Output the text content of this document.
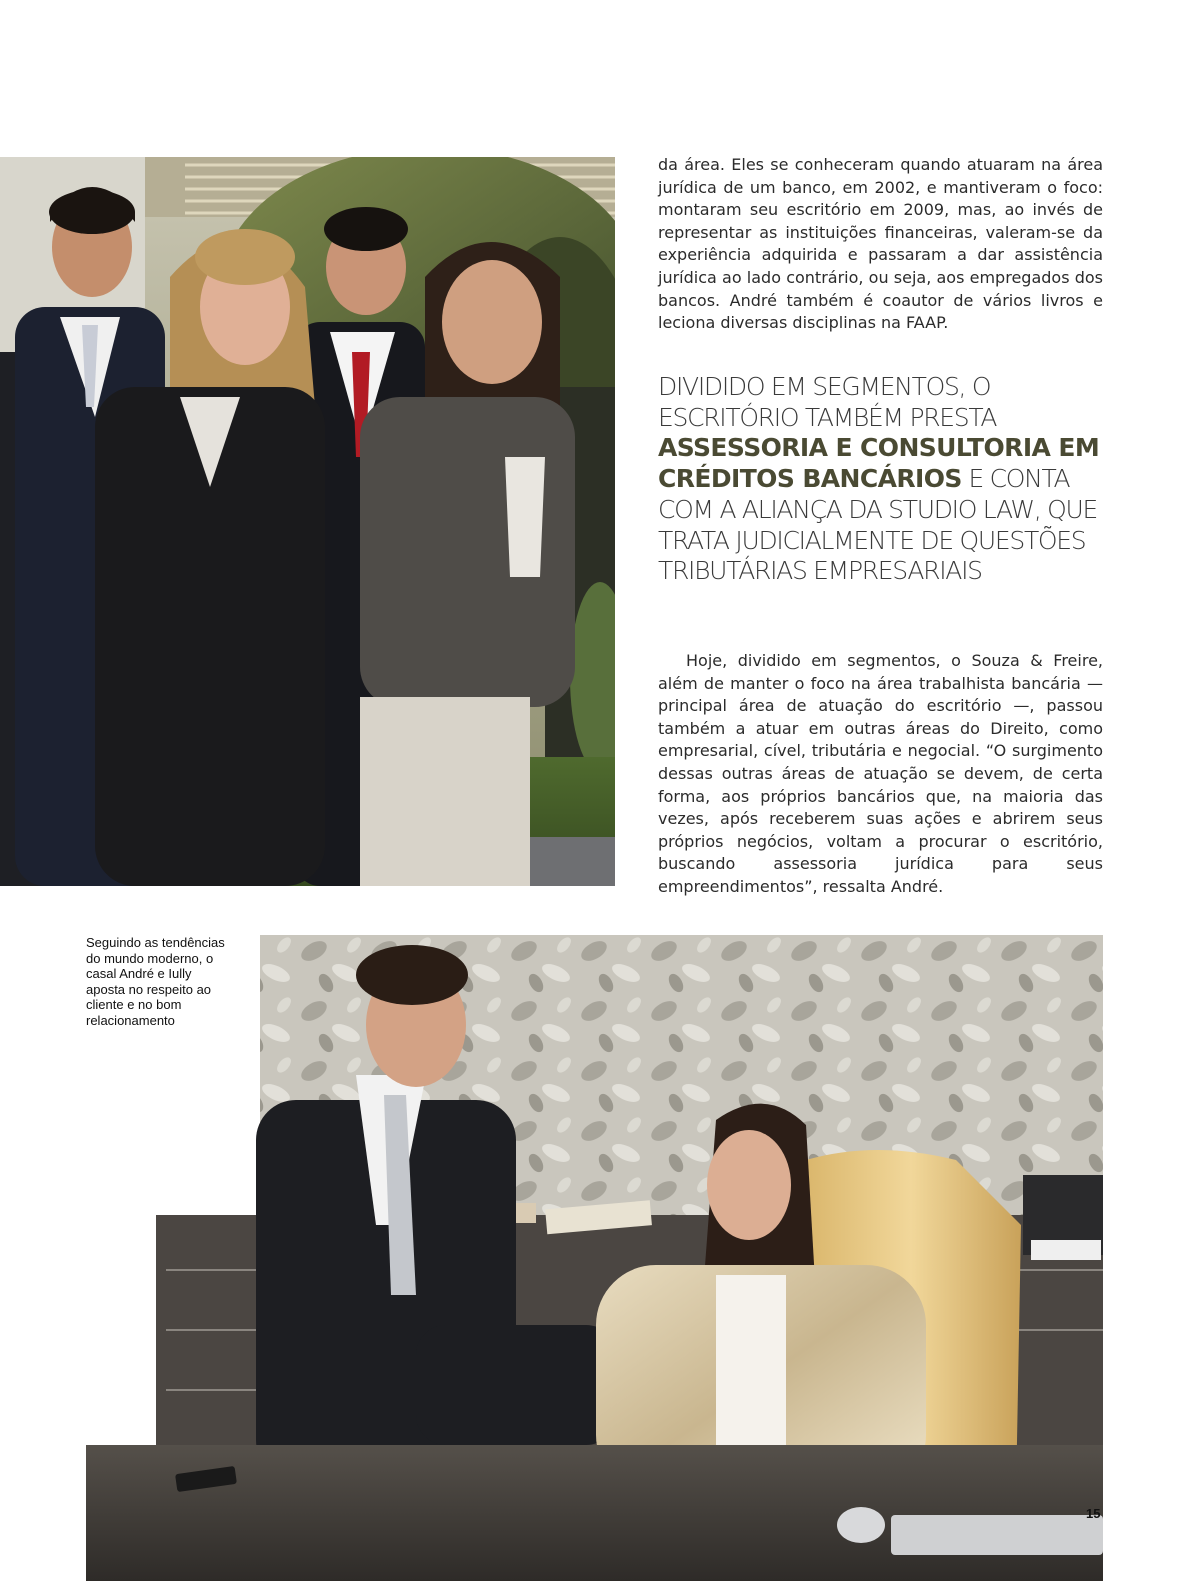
da área. Eles se conheceram quando atuaram na área jurídica de um banco, em 2002, e mantiveram o foco: montaram seu escritório em 2009, mas, ao invés de representar as instituições financeiras, valeram-se da experiência adquirida e passaram a dar assistência jurídica ao lado contrário, ou seja, aos empregados dos bancos. André também é coautor de vários livros e leciona diversas disciplinas na FAAP.

DIVIDIDO EM SEGMENTOS, O ESCRITÓRIO TAMBÉM PRESTA ASSESSORIA E CONSULTORIA EM CRÉDITOS BANCÁRIOS E CONTA COM A ALIANÇA DA STUDIO LAW, QUE TRATA JUDICIALMENTE DE QUESTÕES TRIBUTÁRIAS EMPRESARIAIS

Hoje, dividido em segmentos, o Souza & Freire, além de manter o foco na área trabalhista bancária — principal área de atuação do escritório —, passou também a atuar em outras áreas do Direito, como empresarial, cível, tributária e negocial. “O surgimento dessas outras áreas de atuação se devem, de certa forma, aos próprios bancários que, na maioria das vezes, após receberem suas ações e abrirem seus próprios negócios, voltam a procurar o escritório, buscando assessoria jurídica para seus empreendimentos”, ressalta André.

Seguindo as tendências do mundo moderno, o casal André e Iully aposta no respeito ao cliente e no bom relacionamento

15
